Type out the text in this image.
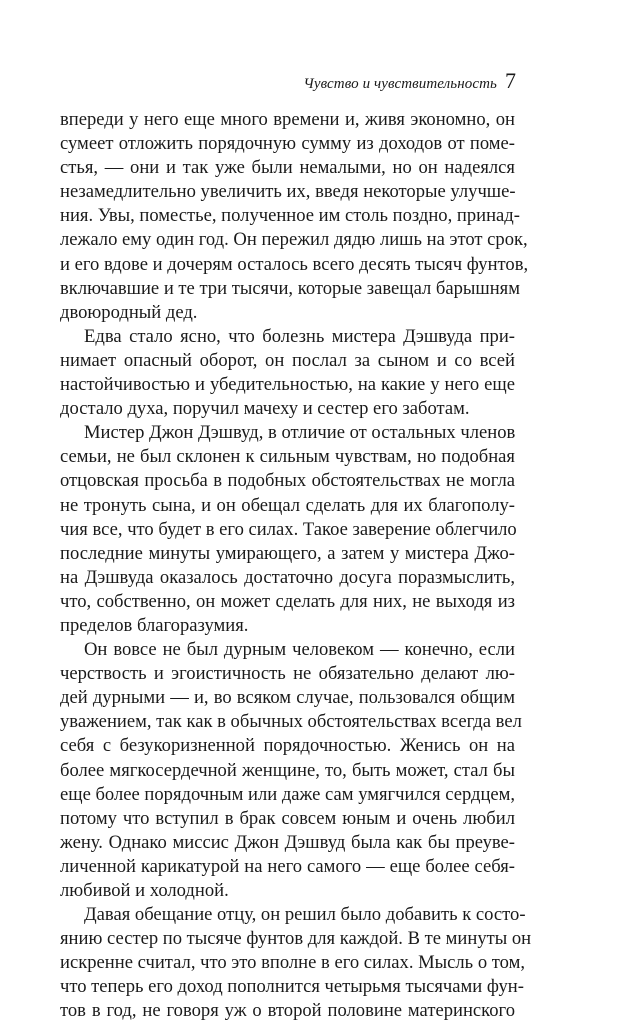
Чувство и чувствительность 7
впереди у него еще много времени и, живя экономно, он
сумеет отложить порядочную сумму из доходов от поме-
стья, — они и так уже были немалыми, но он надеялся
незамедлительно увеличить их, введя некоторые улучше-
ния. Увы, поместье, полученное им столь поздно, принад-
лежало ему один год. Он пережил дядю лишь на этот срок,
и его вдове и дочерям осталось всего десять тысяч фунтов,
включавшие и те три тысячи, которые завещал барышням
двоюродный дед.
Едва стало ясно, что болезнь мистера Дэшвуда при-
нимает опасный оборот, он послал за сыном и со всей
настойчивостью и убедительностью, на какие у него еще
достало духа, поручил мачеху и сестер его заботам.
Мистер Джон Дэшвуд, в отличие от остальных членов
семьи, не был склонен к сильным чувствам, но подобная
отцовская просьба в подобных обстоятельствах не могла
не тронуть сына, и он обещал сделать для их благополу-
чия все, что будет в его силах. Такое заверение облегчило
последние минуты умирающего, а затем у мистера Джо-
на Дэшвуда оказалось достаточно досуга поразмыслить,
что, собственно, он может сделать для них, не выходя из
пределов благоразумия.
Он вовсе не был дурным человеком — конечно, если
черствость и эгоистичность не обязательно делают лю-
дей дурными — и, во всяком случае, пользовался общим
уважением, так как в обычных обстоятельствах всегда вел
себя с безукоризненной порядочностью. Женись он на
более мягкосердечной женщине, то, быть может, стал бы
еще более порядочным или даже сам умягчился сердцем,
потому что вступил в брак совсем юным и очень любил
жену. Однако миссис Джон Дэшвуд была как бы преуве-
личенной карикатурой на него самого — еще более себя-
любивой и холодной.
Давая обещание отцу, он решил было добавить к состо-
янию сестер по тысяче фунтов для каждой. В те минуты он
искренне считал, что это вполне в его силах. Мысль о том,
что теперь его доход пополнится четырьмя тысячами фун-
тов в год, не говоря уж о второй половине материнского
